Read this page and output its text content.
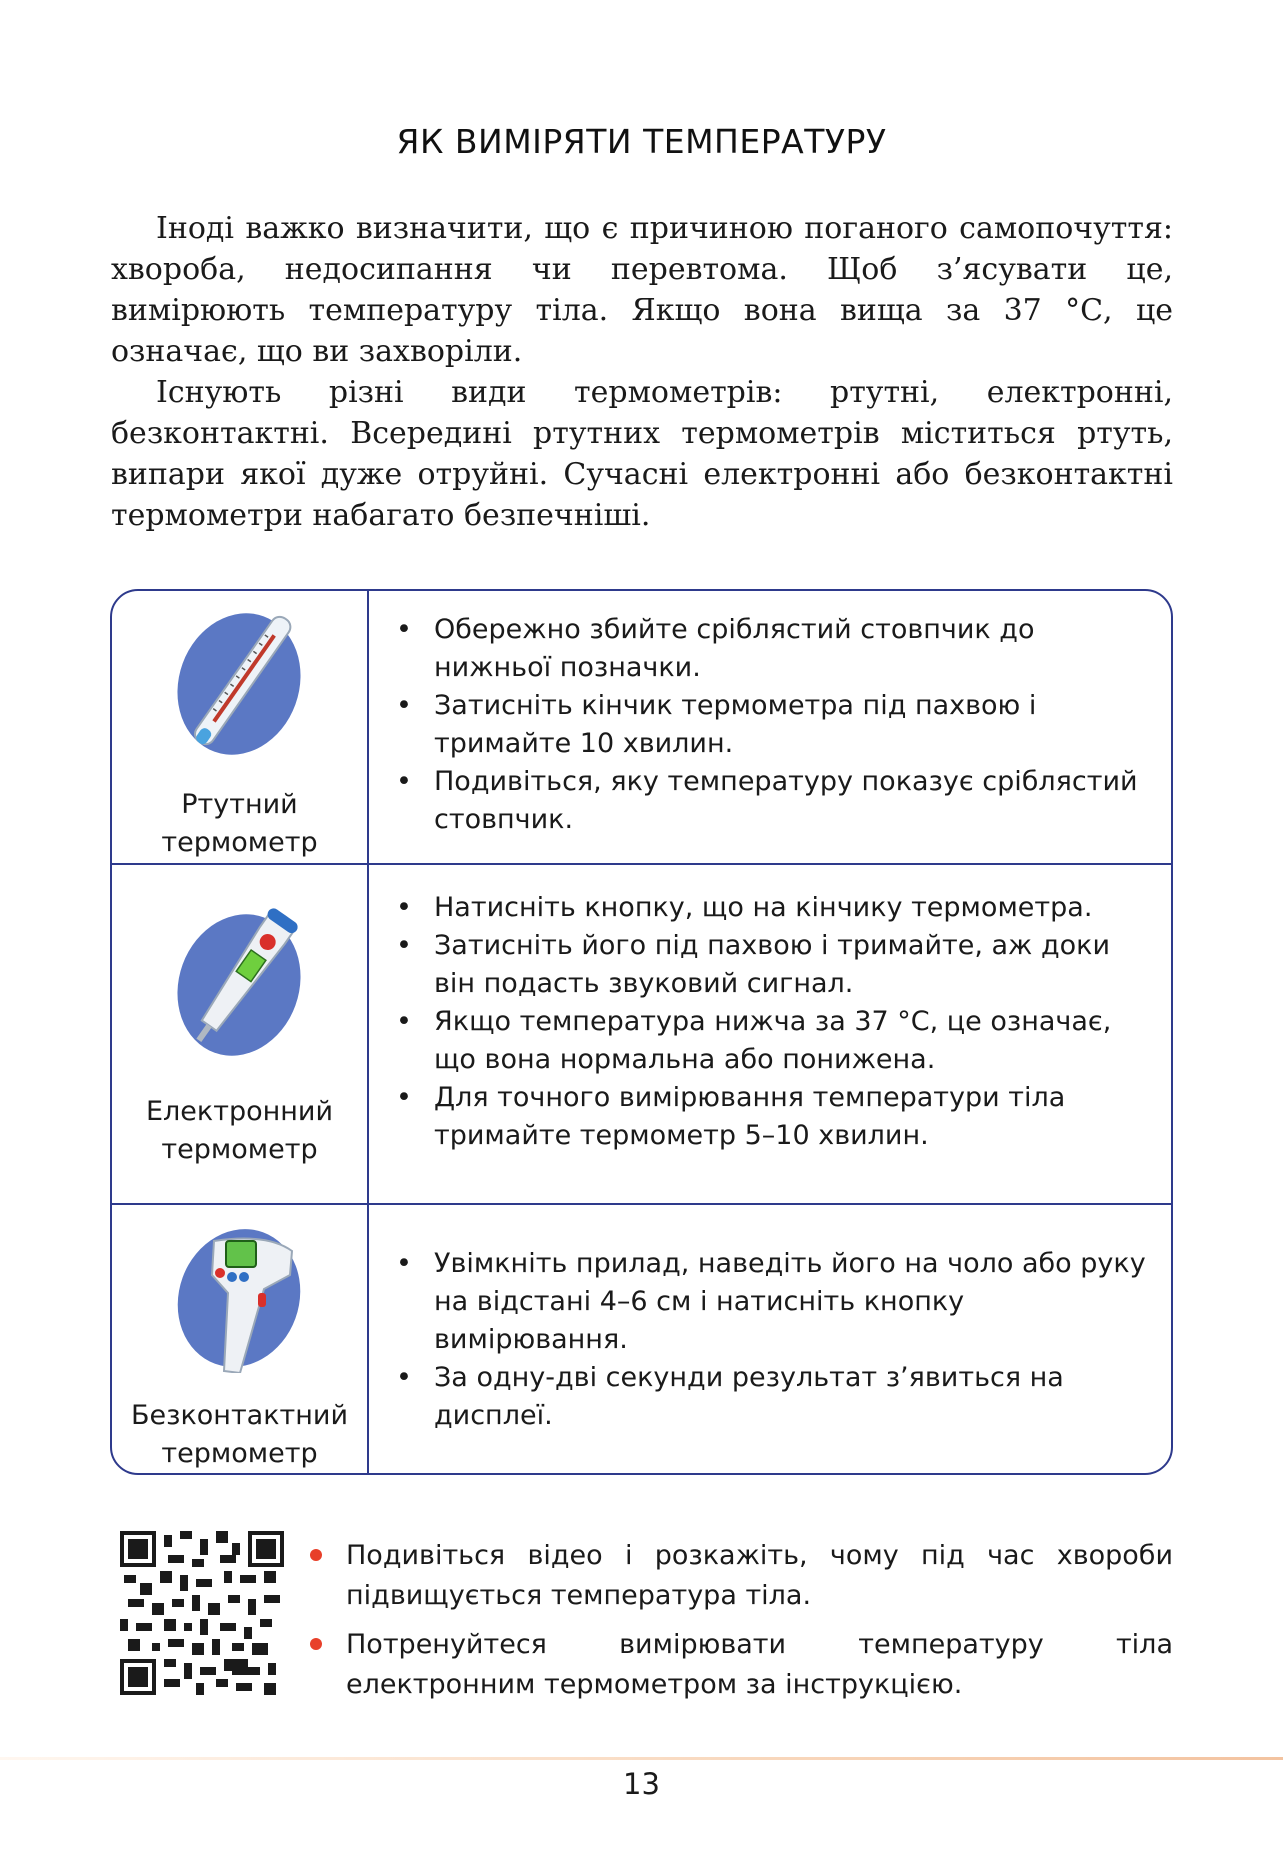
ЯК ВИМІРЯТИ ТЕМПЕРАТУРУ

Іноді важко визначити, що є причиною поганого самопочуття: хвороба, недосипання чи перевтома. Щоб з’ясувати це, вимірюють температуру тіла. Якщо вона вища за 37 °С, це означає, що ви захворіли.

Існують різні види термометрів: ртутні, електронні, безконтактні. Всередині ртутних термометрів міститься ртуть, випари якої дуже отруйні. Сучасні електронні або безконтактні термометри набагато безпечніші.

Ртутний
термометр
• Обережно збийте сріблястий стовпчик до нижньої позначки.
• Затисніть кінчик термометра під пахвою і тримайте 10 хвилин.
• Подивіться, яку температуру показує сріблястий стовпчик.
Електронний
термометр
• Натисніть кнопку, що на кінчику термометра.
• Затисніть його під пахвою і тримайте, аж доки він подасть звуковий сигнал.
• Якщо температура нижча за 37 °С, це означає, що вона нормальна або понижена.
• Для точного вимірювання температури тіла тримайте термометр 5–10 хвилин.
Безконтактний
термометр
• Увімкніть прилад, наведіть його на чоло або руку на відстані 4–6 см і натисніть кнопку вимірювання.
• За одну-дві секунди результат з’явиться на дисплеї.
Подивіться відео і розкажіть, чому під час хвороби підвищується температура тіла.
Потренуйтеся вимірювати температуру тіла електронним термометром за інструкцією.
13
